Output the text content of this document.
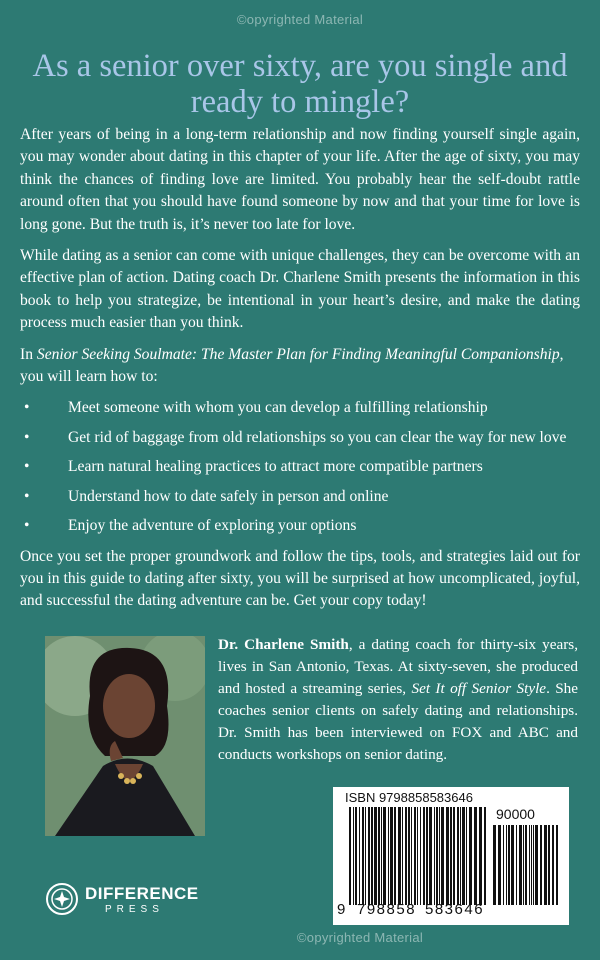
©opyrighted Material
As a senior over sixty, are you single and ready to mingle?

After years of being in a long-term relationship and now finding yourself single again, you may wonder about dating in this chapter of your life. After the age of sixty, you may think the chances of finding love are limited. You probably hear the self-doubt rattle around often that you should have found someone by now and that your time for love is long gone. But the truth is, it’s never too late for love.

While dating as a senior can come with unique challenges, they can be overcome with an effective plan of action. Dating coach Dr. Charlene Smith presents the information in this book to help you strategize, be intentional in your heart’s desire, and make the dating process much easier than you think.

In Senior Seeking Soulmate: The Master Plan for Finding Meaningful Companionship, you will learn how to:

• Meet someone with whom you can develop a fulfilling relationship
• Get rid of baggage from old relationships so you can clear the way for new love
• Learn natural healing practices to attract more compatible partners
• Understand how to date safely in person and online
• Enjoy the adventure of exploring your options

Once you set the proper groundwork and follow the tips, tools, and strategies laid out for you in this guide to dating after sixty, you will be surprised at how uncomplicated, joyful, and successful the dating adventure can be. Get your copy today!

Dr. Charlene Smith, a dating coach for thirty-six years, lives in San Antonio, Texas. At sixty-seven, she produced and hosted a streaming series, Set It off Senior Style. She coaches senior clients on safely dating and relationships. Dr. Smith has been interviewed on FOX and ABC and conducts workshops on senior dating.

ISBN 9798858583646
90000
9 798858 583646
DIFFERENCE
PRESS
©opyrighted Material
